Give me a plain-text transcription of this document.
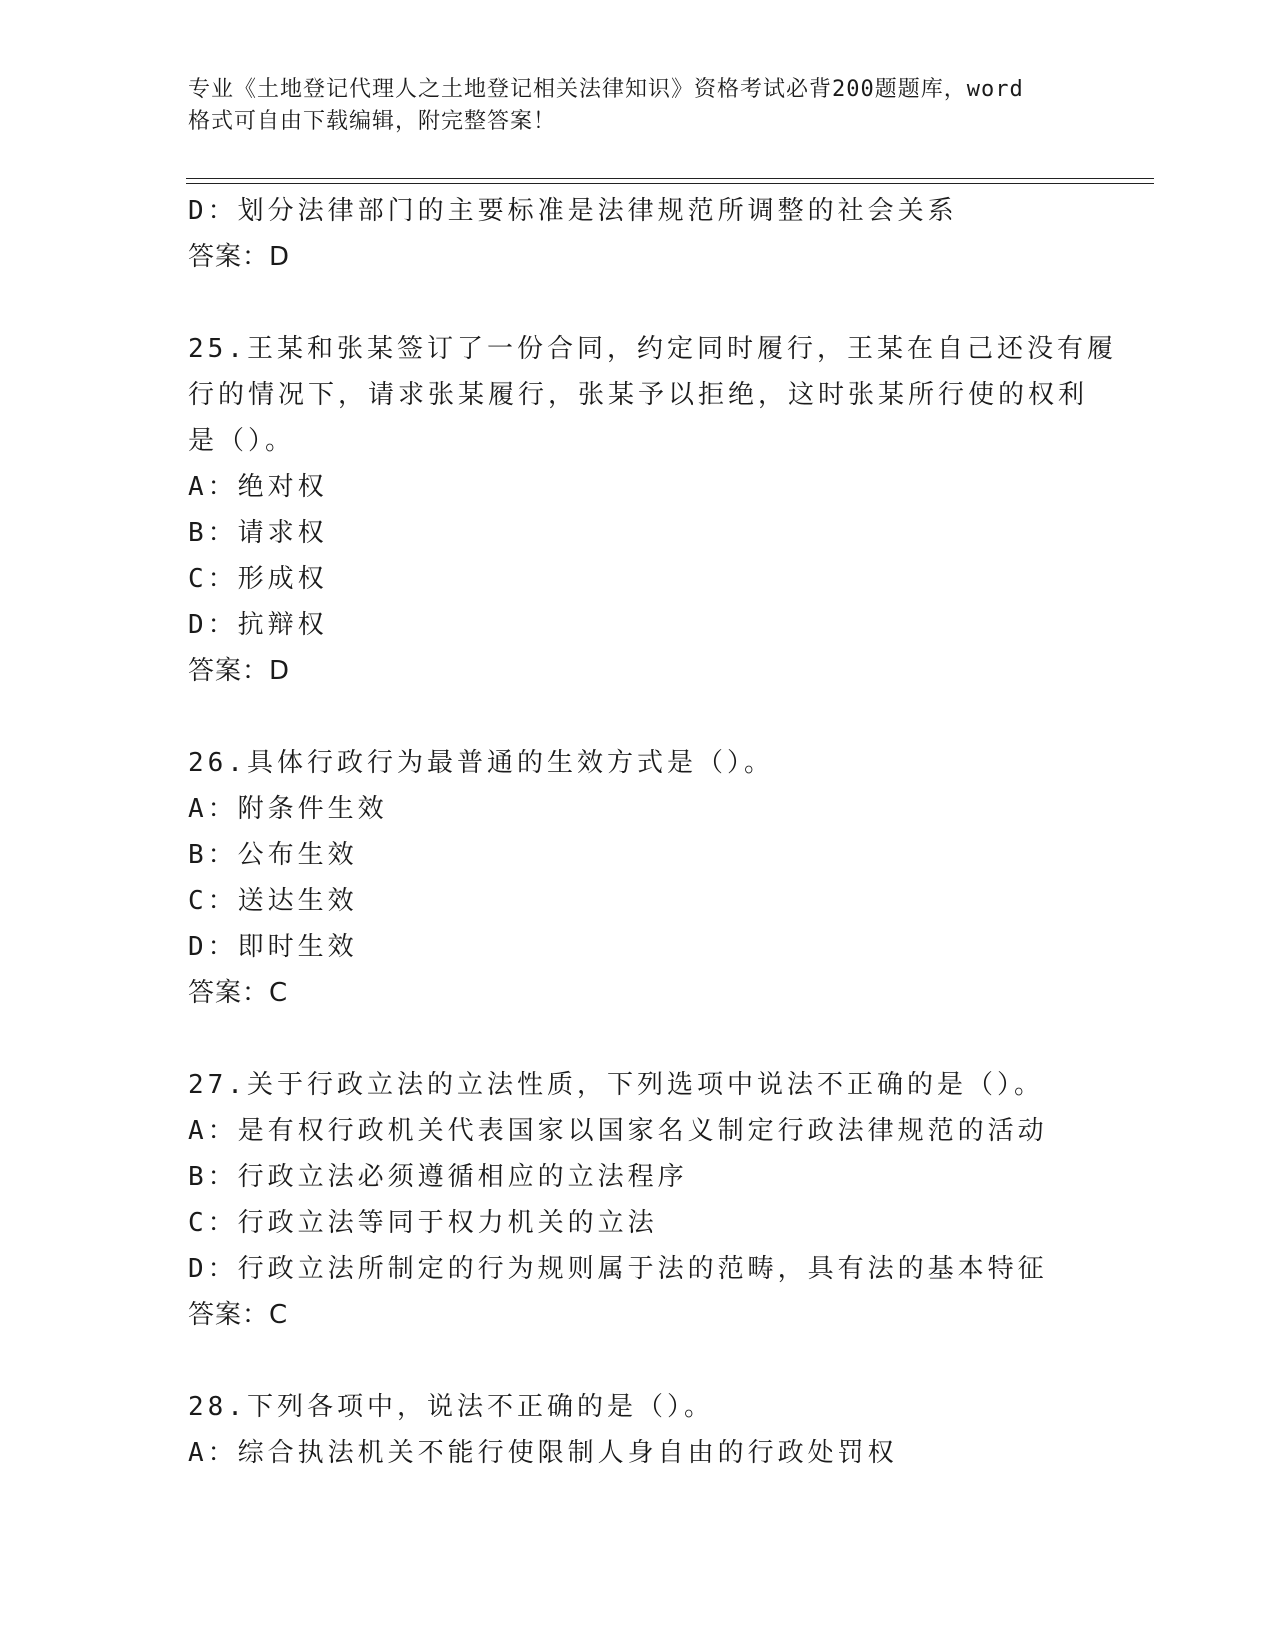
专业《土地登记代理人之土地登记相关法律知识》资格考试必背200题题库，word
格式可自由下载编辑，附完整答案！
D：划分法律部门的主要标准是法律规范所调整的社会关系
答案：D
25.王某和张某签订了一份合同，约定同时履行，王某在自己还没有履
行的情况下，请求张某履行，张某予以拒绝，这时张某所行使的权利
是（）。
A：绝对权
B：请求权
C：形成权
D：抗辩权
答案：D
26.具体行政行为最普通的生效方式是（）。
A：附条件生效
B：公布生效
C：送达生效
D：即时生效
答案：C
27.关于行政立法的立法性质，下列选项中说法不正确的是（）。
A：是有权行政机关代表国家以国家名义制定行政法律规范的活动
B：行政立法必须遵循相应的立法程序
C：行政立法等同于权力机关的立法
D：行政立法所制定的行为规则属于法的范畴，具有法的基本特征
答案：C
28.下列各项中，说法不正确的是（）。
A：综合执法机关不能行使限制人身自由的行政处罚权
